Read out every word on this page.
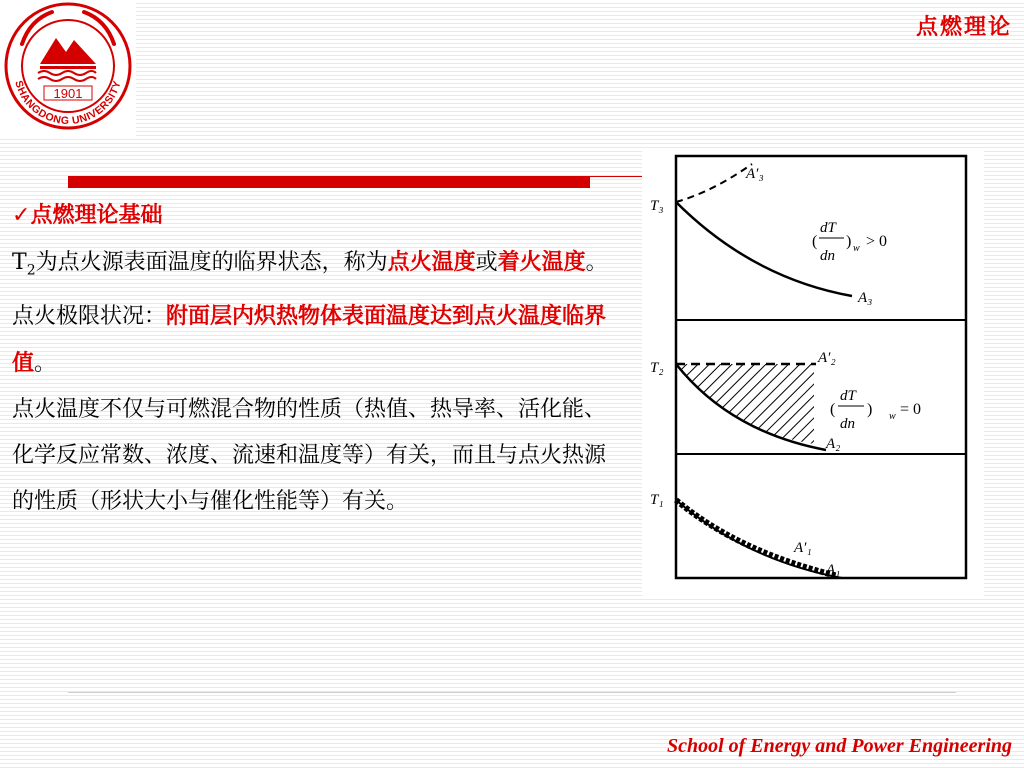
1901
SHANGDONG UNIVERSITY
点燃理论

✓点燃理论基础

$T_2$为点火源表面温度的临界状态，称为点火温度或着火温度。

点火极限状况：附面层内炽热物体表面温度达到点火温度临界值。

点火温度不仅与可燃混合物的性质（热值、热导率、活化能、化学反应常数、浓度、流速和温度等）有关，而且与点火热源的性质（形状大小与催化性能等）有关。

T₃
A′₃
A₃
(
dT
dn
) w > 0
T₂
A′₂
A₂
(
dT
dn
) w = 0
T₁
A′₁
A₁
School of Energy and Power Engineering
